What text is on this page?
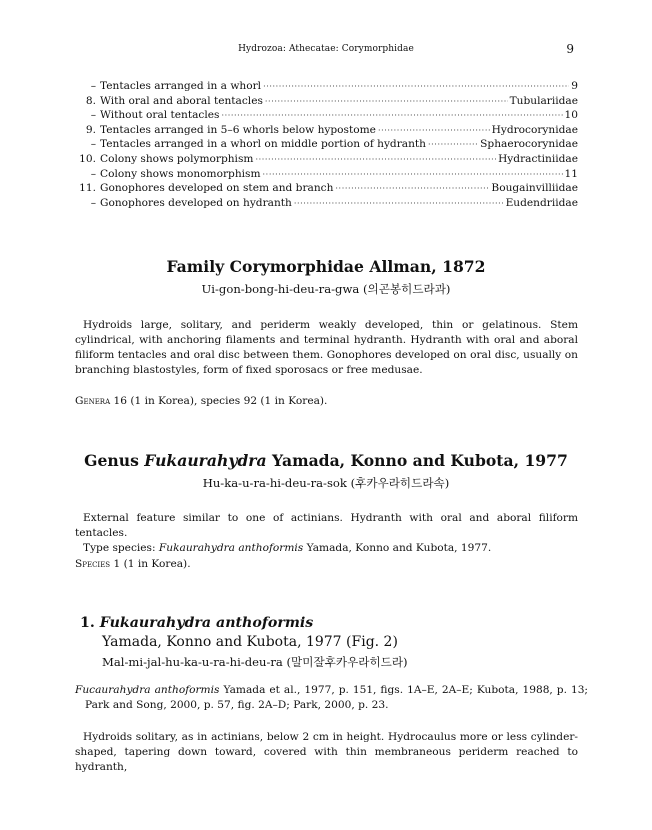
Hydrozoa: Athecatae: Corymorphidae	9
– Tentacles arranged in a whorl ·····	9
8. With oral and aboral tentacles ·····	Tubulariidae
– Without oral tentacles ·····	10
9. Tentacles arranged in 5–6 whorls below hypostome ·····	Hydrocorynidae
– Tentacles arranged in a whorl on middle portion of hydranth ·····	Sphaerocorynidae
10. Colony shows polymorphism ·····	Hydractiniidae
– Colony shows monomorphism ·····	11
11. Gonophores developed on stem and branch ·····	Bougainvilliidae
– Gonophores developed on hydranth ·····	Eudendriidae
Family Corymorphidae Allman, 1872
Ui-gon-bong-hi-deu-ra-gwa (의곤봉히드라과)
Hydroids large, solitary, and periderm weakly developed, thin or gelatinous. Stem cylindrical, with anchoring filaments and terminal hydranth. Hydranth with oral and aboral filiform tentacles and oral disc between them. Gonophores developed on oral disc, usually on branching blastostyles, form of fixed sporosacs or free medusae.
Genera 16 (1 in Korea), species 92 (1 in Korea).
Genus Fukaurahydra Yamada, Konno and Kubota, 1977
Hu-ka-u-ra-hi-deu-ra-sok (후카우라히드라속)
External feature similar to one of actinians. Hydranth with oral and aboral filiform tentacles.
Type species: Fukaurahydra anthoformis Yamada, Konno and Kubota, 1977.
Species 1 (1 in Korea).
1. Fukaurahydra anthoformis
Yamada, Konno and Kubota, 1977 (Fig. 2)
Mal-mi-jal-hu-ka-u-ra-hi-deu-ra (말미잘후카우라히드라)
Fucaurahydra anthoformis Yamada et al., 1977, p. 151, figs. 1A–E, 2A–E; Kubota, 1988, p. 13; Park and Song, 2000, p. 57, fig. 2A–D; Park, 2000, p. 23.
Hydroids solitary, as in actinians, below 2 cm in height. Hydrocaulus more or less cylinder-shaped, tapering down toward, covered with thin membraneous periderm reached to hydranth,
